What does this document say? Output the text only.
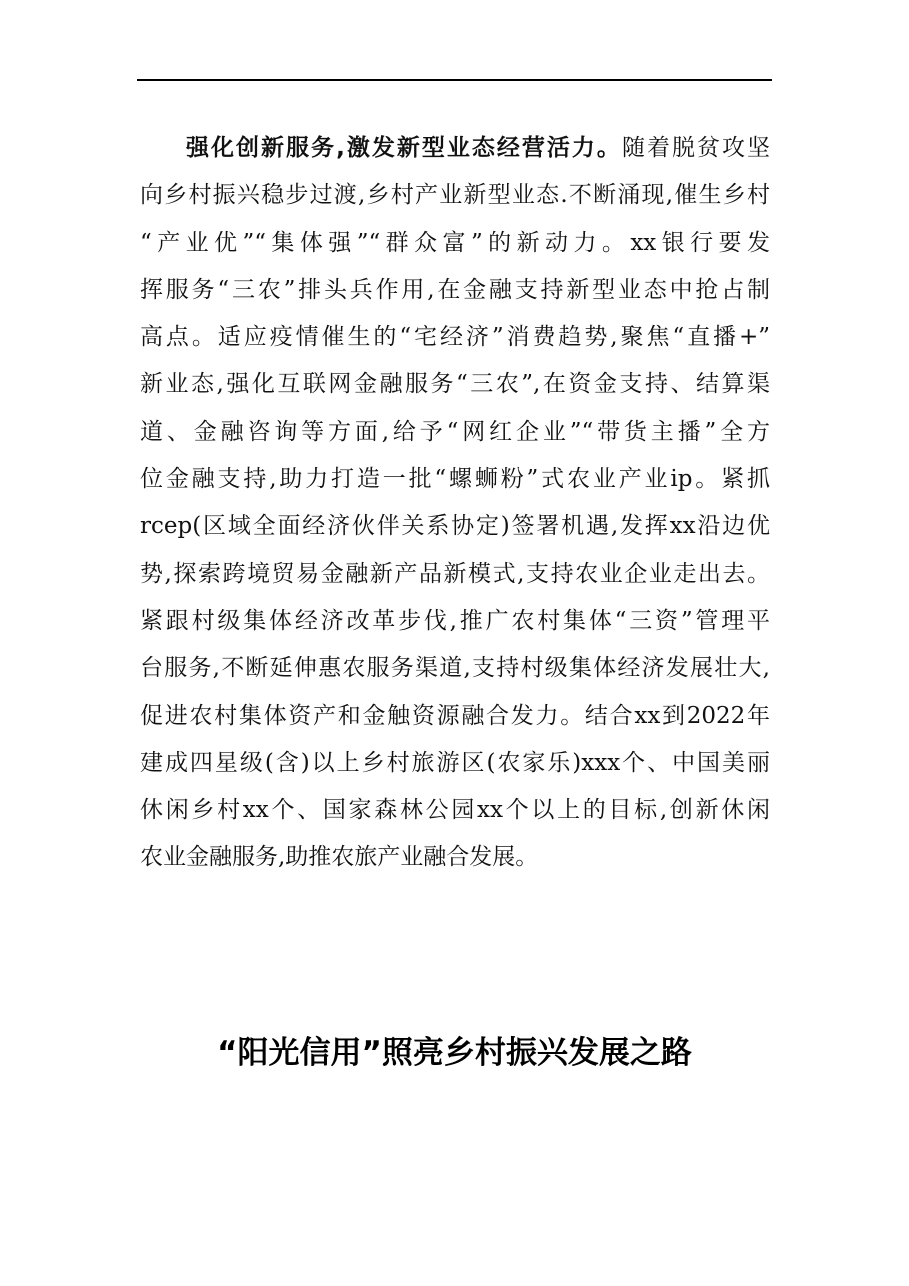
强化创新服务,激发新型业态经营活力。随着脱贫攻坚
向乡村振兴稳步过渡,乡村产业新型业态.不断涌现,催生乡村
“产业优”“集体强”“群众富”的新动力。xx银行要发
挥服务“三农”排头兵作用,在金融支持新型业态中抢占制
高点。适应疫情催生的“宅经济”消费趋势,聚焦“直播+”
新业态,强化互联网金融服务“三农”,在资金支持、结算渠
道、金融咨询等方面,给予“网红企业”“带货主播”全方
位金融支持,助力打造一批“螺蛳粉”式农业产业ip。紧抓
rcep(区域全面经济伙伴关系协定)签署机遇,发挥xx沿边优
势,探索跨境贸易金融新产品新模式,支持农业企业走出去。
紧跟村级集体经济改革步伐,推广农村集体“三资”管理平
台服务,不断延伸惠农服务渠道,支持村级集体经济发展壮大,
促进农村集体资产和金触资源融合发力。结合xx到2022年
建成四星级(含)以上乡村旅游区(农家乐)xxx个、中国美丽
休闲乡村xx个、国家森林公园xx个以上的目标,创新休闲
农业金融服务,助推农旅产业融合发展。
“阳光信用”照亮乡村振兴发展之路
